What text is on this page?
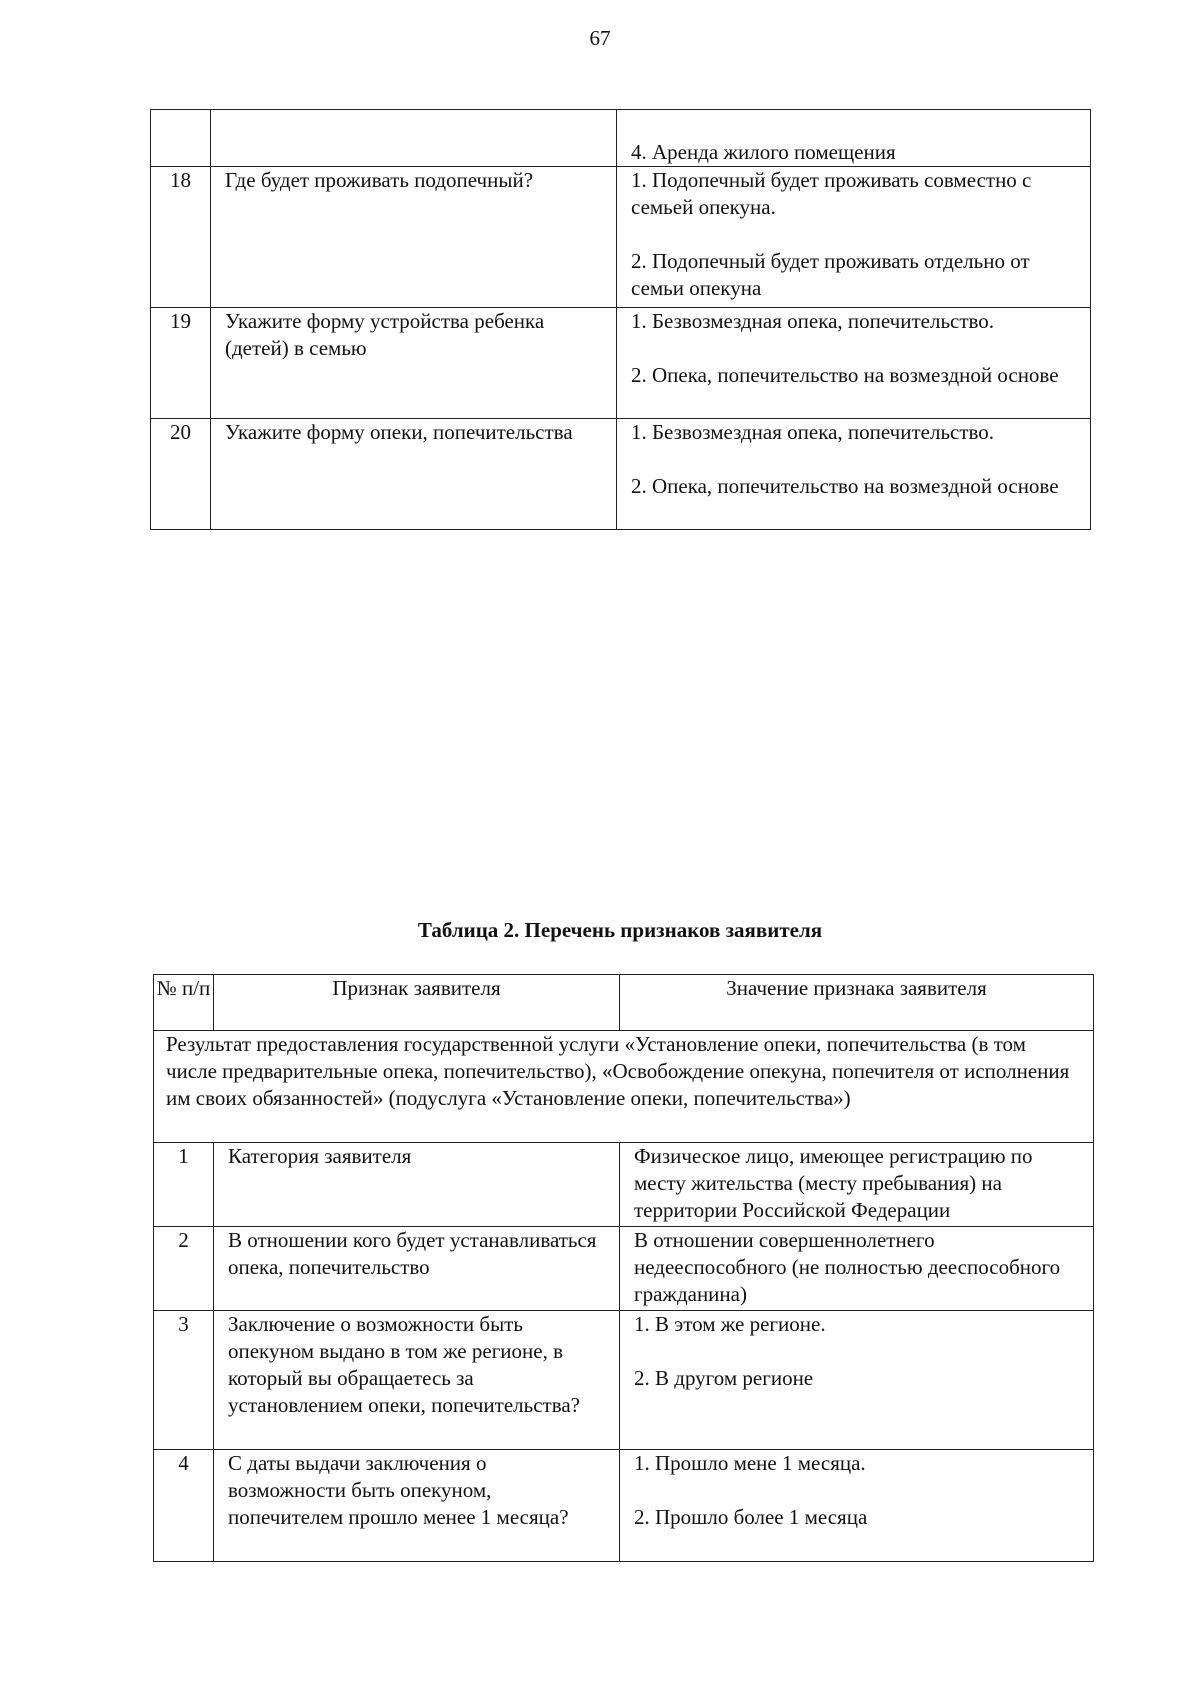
67

		4. Аренда жилого помещения

18	Где будет проживать подопечный?	1. Подопечный будет проживать совместно с семьей опекуна.
2. Подопечный будет проживать отдельно от семьи опекуна

19	Укажите форму устройства ребенка (детей) в семью	1. Безвозмездная опека, попечительство.
2. Опека, попечительство на возмездной основе

20	Укажите форму опеки, попечительства	1. Безвозмездная опека, попечительство.
2. Опека, попечительство на возмездной основе
Таблица 2. Перечень признаков заявителя
№ п/п	Признак заявителя	Значение признака заявителя
Результат предоставления государственной услуги «Установление опеки, попечительства (в том числе предварительные опека, попечительство), «Освобождение опекуна, попечителя от исполнения им своих обязанностей» (подуслуга «Установление опеки, попечительства»)		
1	Категория заявителя	Физическое лицо, имеющее регистрацию по месту жительства (месту пребывания) на территории Российской Федерации

2	В отношении кого будет устанавливаться опека, попечительство	В отношении совершеннолетнего недееспособного (не полностью дееспособного гражданина)

3	Заключение о возможности быть опекуном выдано в том же регионе, в который вы обращаетесь за установлением опеки, попечительства?	1. В этом же регионе.
2. В другом регионе

4	С даты выдачи заключения о возможности быть опекуном, попечителем прошло менее 1 месяца?	1. Прошло мене 1 месяца.
2. Прошло более 1 месяца
